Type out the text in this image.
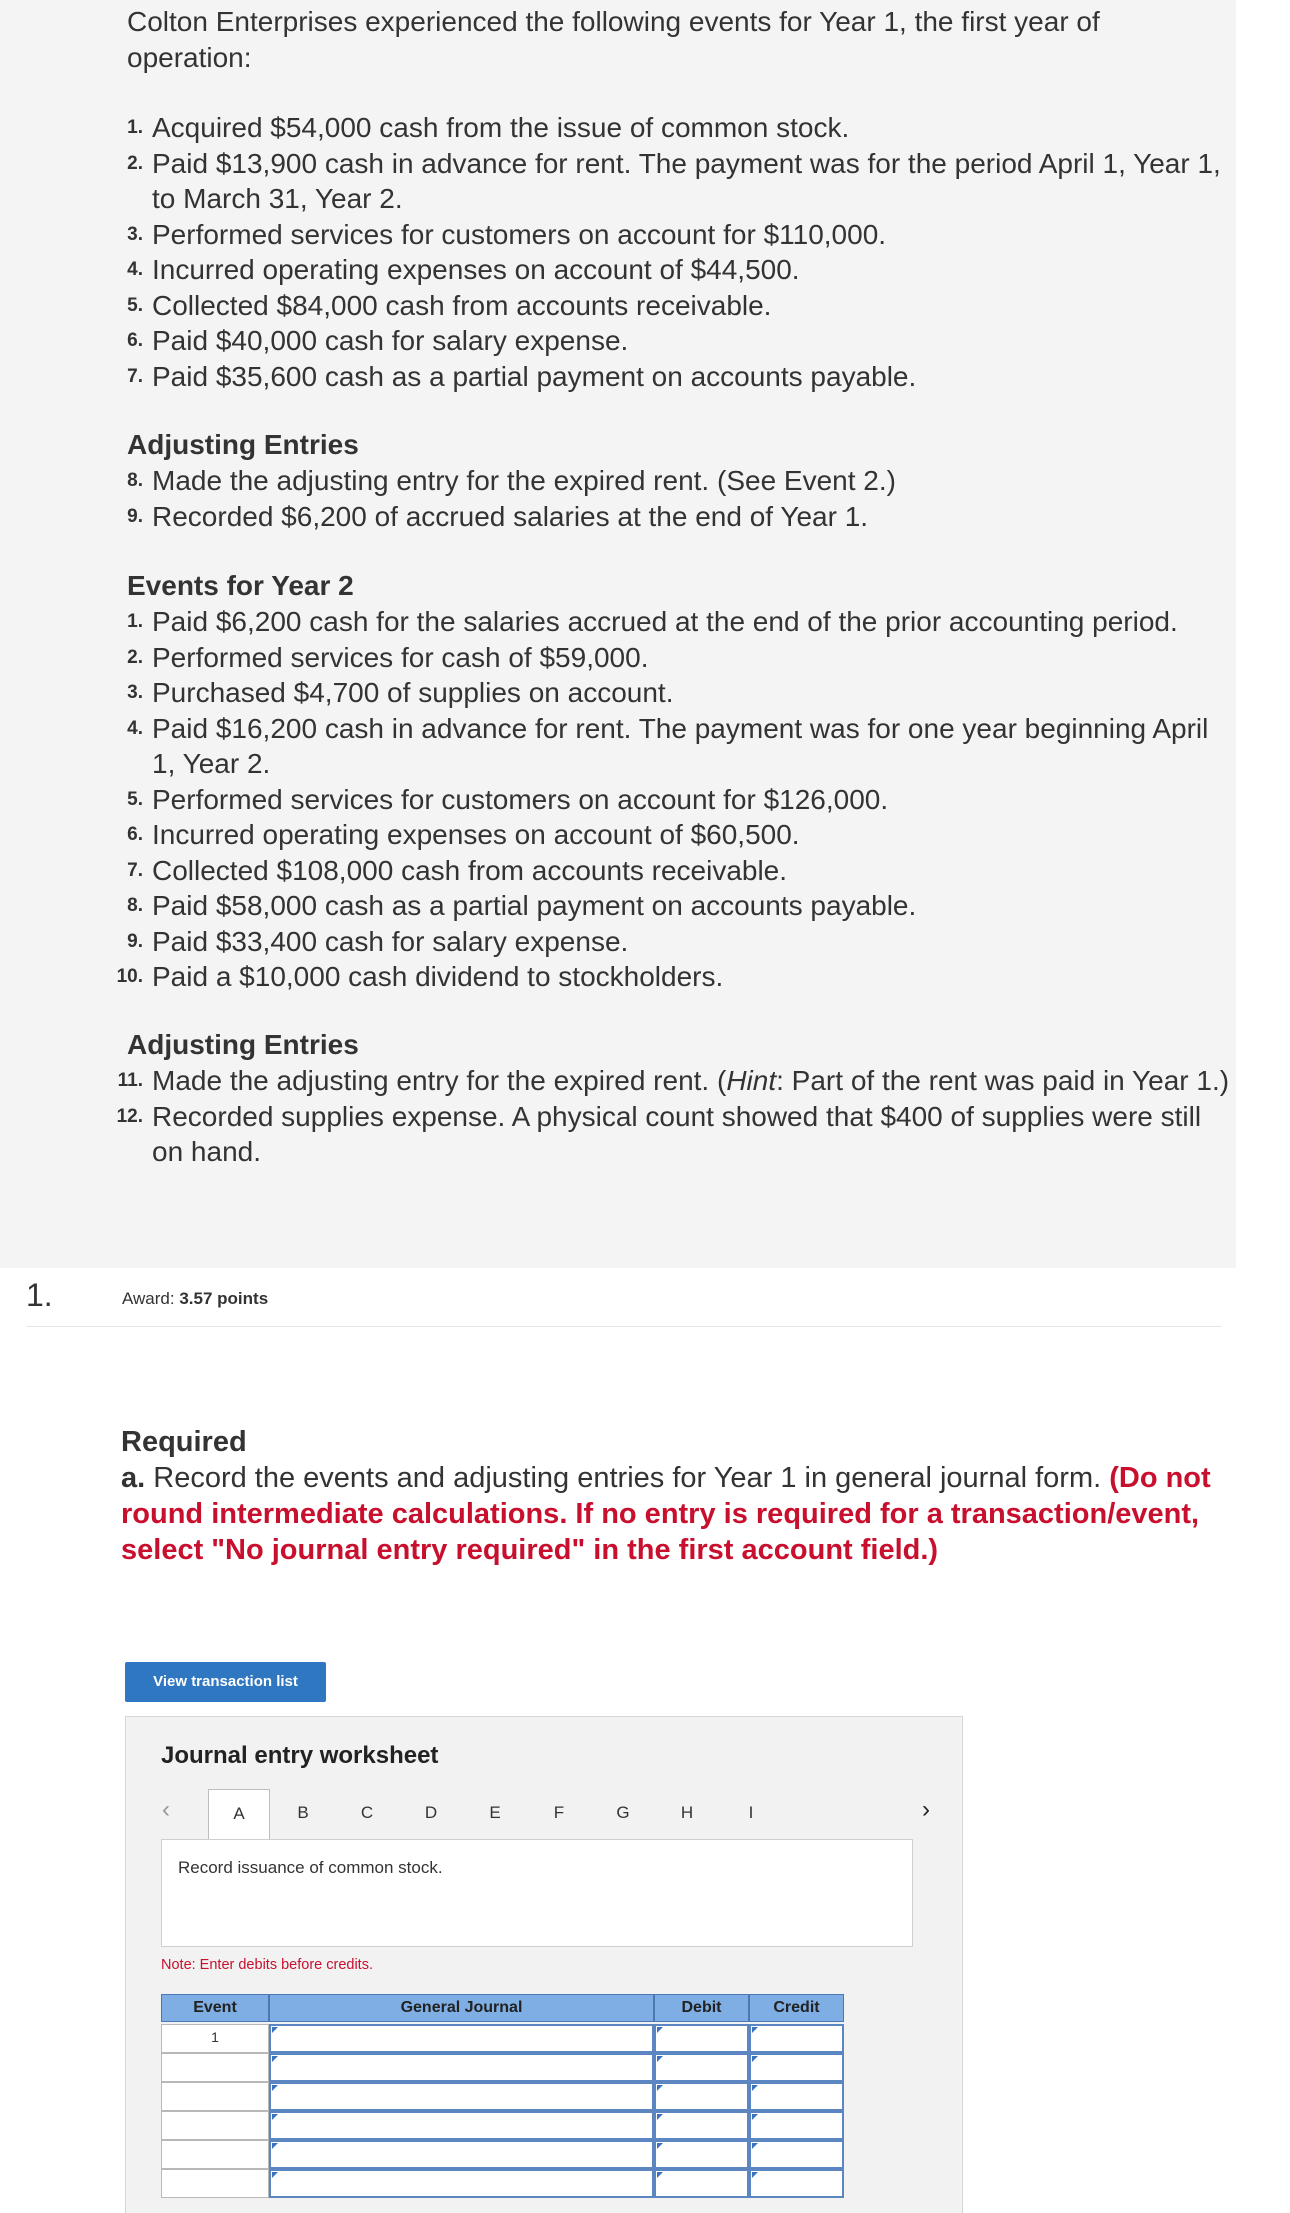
Colton Enterprises experienced the following events for Year 1, the first year of operation:
1. Acquired $54,000 cash from the issue of common stock.
2. Paid $13,900 cash in advance for rent. The payment was for the period April 1, Year 1, to March 31, Year 2.
3. Performed services for customers on account for $110,000.
4. Incurred operating expenses on account of $44,500.
5. Collected $84,000 cash from accounts receivable.
6. Paid $40,000 cash for salary expense.
7. Paid $35,600 cash as a partial payment on accounts payable.
Adjusting Entries
8. Made the adjusting entry for the expired rent. (See Event 2.)
9. Recorded $6,200 of accrued salaries at the end of Year 1.
Events for Year 2
1. Paid $6,200 cash for the salaries accrued at the end of the prior accounting period.
2. Performed services for cash of $59,000.
3. Purchased $4,700 of supplies on account.
4. Paid $16,200 cash in advance for rent. The payment was for one year beginning April 1, Year 2.
5. Performed services for customers on account for $126,000.
6. Incurred operating expenses on account of $60,500.
7. Collected $108,000 cash from accounts receivable.
8. Paid $58,000 cash as a partial payment on accounts payable.
9. Paid $33,400 cash for salary expense.
10. Paid a $10,000 cash dividend to stockholders.
Adjusting Entries
11. Made the adjusting entry for the expired rent. (Hint: Part of the rent was paid in Year 1.)
12. Recorded supplies expense. A physical count showed that $400 of supplies were still on hand.
1.	Award: 3.57 points
Required
a. Record the events and adjusting entries for Year 1 in general journal form. (Do not round intermediate calculations. If no entry is required for a transaction/event, select "No journal entry required" in the first account field.)
View transaction list
Journal entry worksheet
‹	A	B	C	D	E	F	G	H	I	›
Record issuance of common stock.
Note: Enter debits before credits.
Event	General Journal	Debit	Credit
1
